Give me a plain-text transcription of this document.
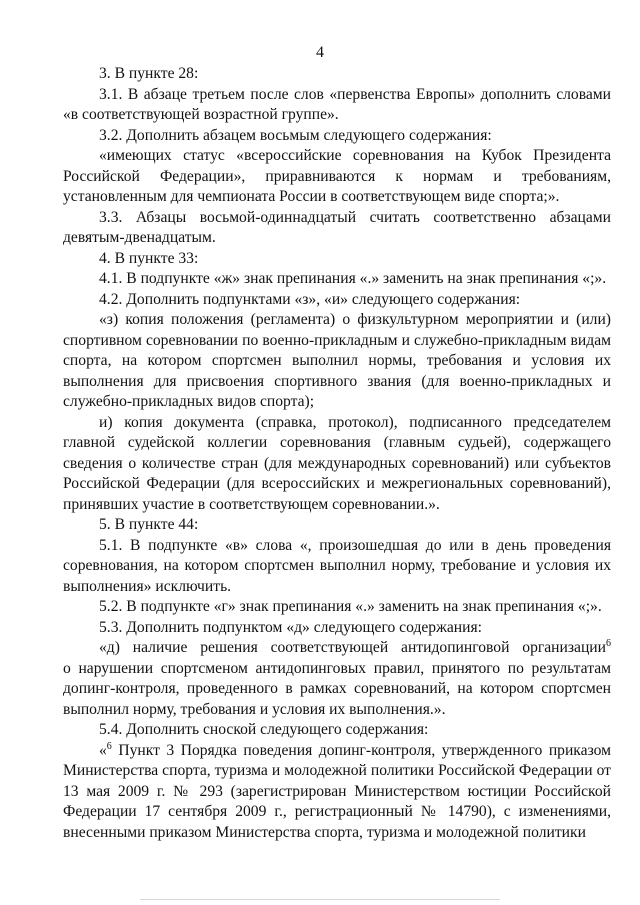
4

3. В пункте 28:

3.1. В абзаце третьем после слов «первенства Европы» дополнить словами «в соответствующей возрастной группе».

3.2. Дополнить абзацем восьмым следующего содержания:

«имеющих статус «всероссийские соревнования на Кубок Президента Российской Федерации», приравниваются к нормам и требованиям, установленным для чемпионата России в соответствующем виде спорта;».

3.3. Абзацы восьмой-одиннадцатый считать соответственно абзацами девятым-двенадцатым.

4. В пункте 33:

4.1. В подпункте «ж» знак препинания «.» заменить на знак препинания «;».

4.2. Дополнить подпунктами «з», «и» следующего содержания:

«з) копия положения (регламента) о физкультурном мероприятии и (или) спортивном соревновании по военно-прикладным и служебно-прикладным видам спорта, на котором спортсмен выполнил нормы, требования и условия их выполнения для присвоения спортивного звания (для военно-прикладных и служебно-прикладных видов спорта);

и) копия документа (справка, протокол), подписанного председателем главной судейской коллегии соревнования (главным судьей), содержащего сведения о количестве стран (для международных соревнований) или субъектов Российской Федерации (для всероссийских и межрегиональных соревнований), принявших участие в соответствующем соревновании.».

5. В пункте 44:

5.1. В подпункте «в» слова «, произошедшая до или в день проведения соревнования, на котором спортсмен выполнил норму, требование и условия их выполнения» исключить.

5.2. В подпункте «г» знак препинания «.» заменить на знак препинания «;».

5.3. Дополнить подпунктом «д» следующего содержания:

«д) наличие решения соответствующей антидопинговой организации$^6$

о нарушении спортсменом антидопинговых правил, принятого по результатам допинг-контроля, проведенного в рамках соревнований, на котором спортсмен выполнил норму, требования и условия их выполнения.».

5.4. Дополнить сноской следующего содержания:

«$^6$ Пункт 3 Порядка поведения допинг-контроля, утвержденного приказом Министерства спорта, туризма и молодежной политики Российской Федерации от 13 мая 2009 г. № 293 (зарегистрирован Министерством юстиции Российской Федерации 17 сентября 2009 г., регистрационный № 14790), с изменениями, внесенными приказом Министерства спорта, туризма и молодежной политики
